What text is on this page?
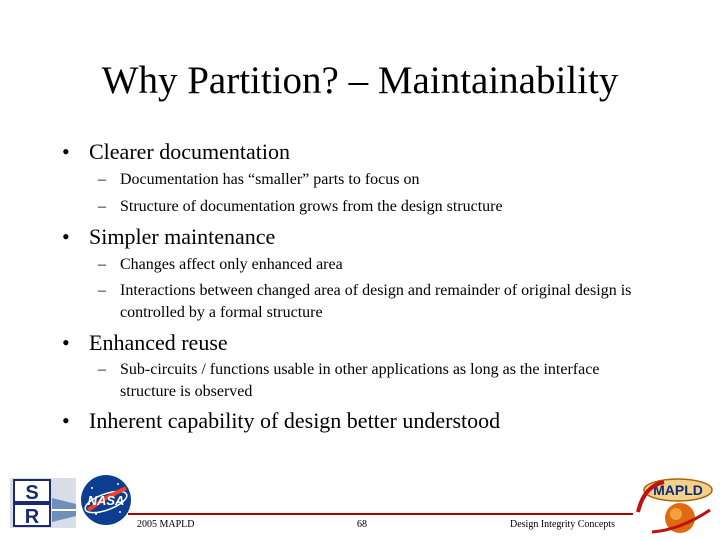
Why Partition? – Maintainability
• Clearer documentation
– Documentation has “smaller” parts to focus on
– Structure of documentation grows from the design structure
• Simpler maintenance
– Changes affect only enhanced area
– Interactions between changed area of design and remainder of original design is controlled by a formal structure
• Enhanced reuse
– Sub-circuits / functions usable in other applications as long as the interface structure is observed
• Inherent capability of design better understood
S
R
NASA
2005 MAPLD	68	Design Integrity Concepts
MAPLD
